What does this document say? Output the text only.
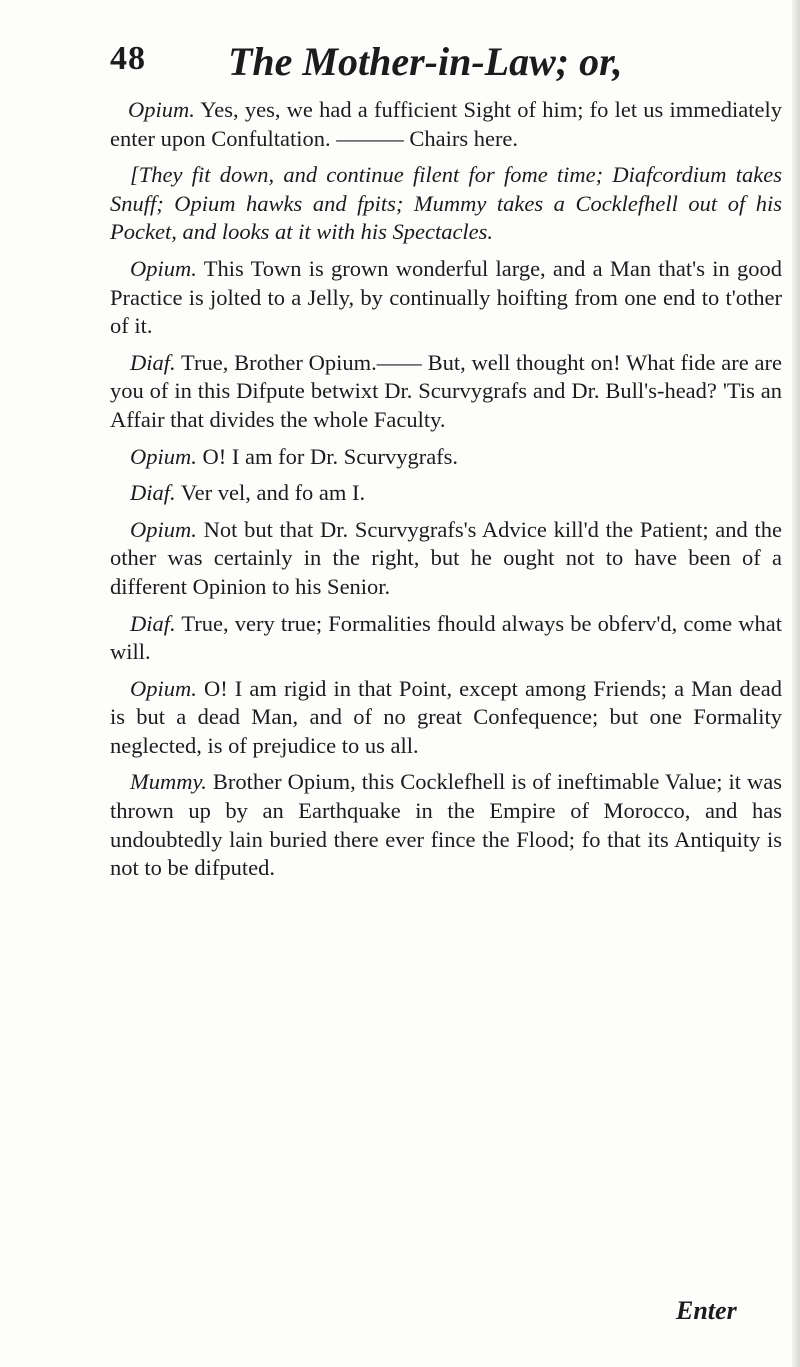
48 The Mother-in-Law; or,

Opium. Yes, yes, we had a fufficient Sight of him; fo let us immediately enter upon Confultation. ——— Chairs here.

[They fit down, and continue filent for fome time; Diafcordium takes Snuff; Opium hawks and fpits; Mummy takes a Cocklefhell out of his Pocket, and looks at it with his Spectacles.

Opium. This Town is grown wonderful large, and a Man that's in good Practice is jolted to a Jelly, by continually hoifting from one end to t'other of it.

Diaf. True, Brother Opium.—— But, well thought on! What fide are are you of in this Difpute betwixt Dr. Scurvygrafs and Dr. Bull's-head? 'Tis an Affair that divides the whole Faculty.

Opium. O! I am for Dr. Scurvygrafs.

Diaf. Ver vel, and fo am I.

Opium. Not but that Dr. Scurvygrafs's Advice kill'd the Patient; and the other was certainly in the right, but he ought not to have been of a different Opinion to his Senior.

Diaf. True, very true; Formalities fhould always be obferv'd, come what will.

Opium. O! I am rigid in that Point, except among Friends; a Man dead is but a dead Man, and of no great Confequence; but one Formality neglected, is of prejudice to us all.

Mummy. Brother Opium, this Cocklefhell is of ineftimable Value; it was thrown up by an Earthquake in the Empire of Morocco, and has undoubtedly lain buried there ever fince the Flood; fo that its Antiquity is not to be difputed.

Enter
